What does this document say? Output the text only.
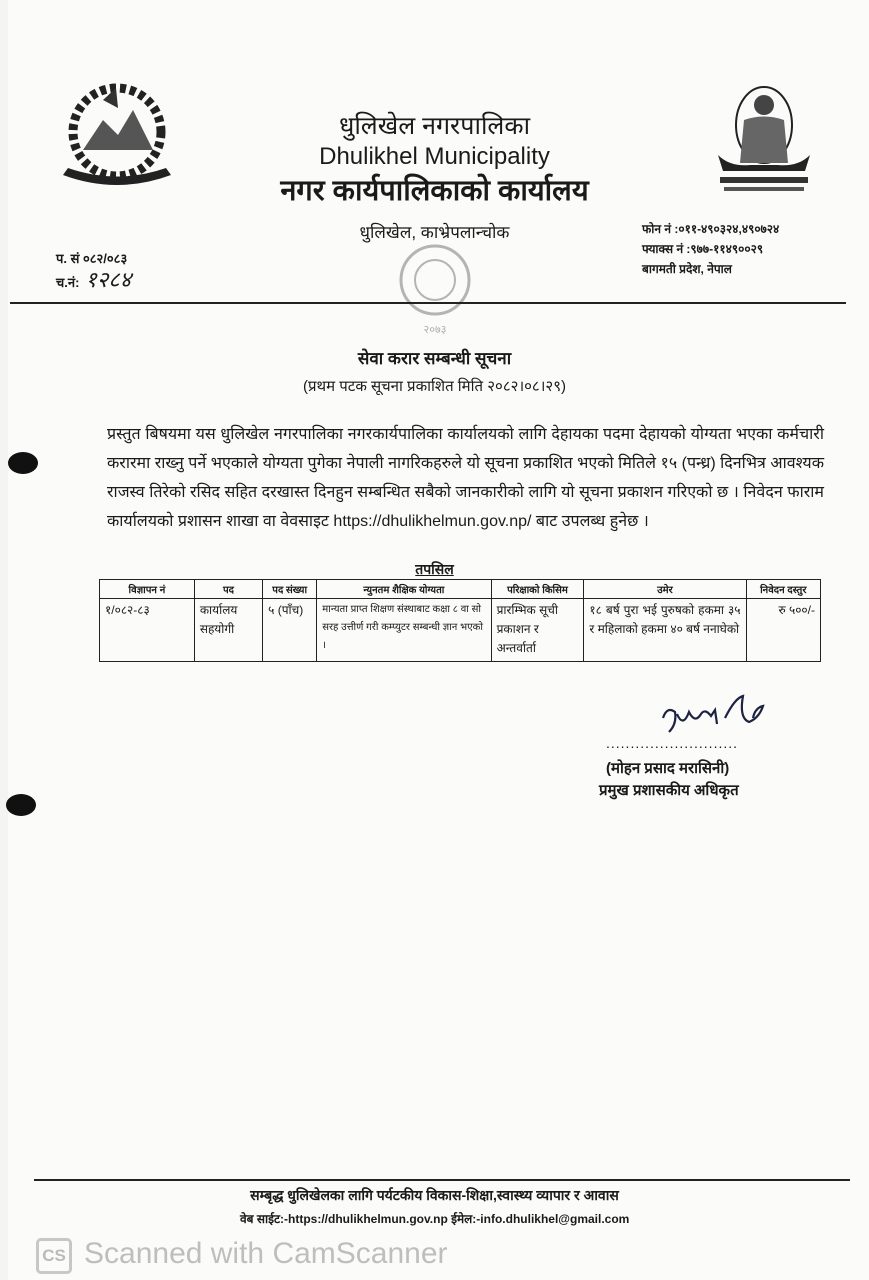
धुलिखेल नगरपालिका
Dhulikhel Municipality
नगर कार्यपालिकाको कार्यालय
धुलिखेल, काभ्रेपलान्चोक	फोन नं :०११-४९०३२४,४९०७२४
फ्याक्स नं :९७७-११४९००२९
बागमती प्रदेश, नेपाल
प. सं ०८२/०८३
च.नं: १२८४
२०७३
सेवा करार सम्बन्धी सूचना
(प्रथम पटक सूचना प्रकाशित मिति २०८२।०८।२९)
प्रस्तुत बिषयमा यस धुलिखेल नगरपालिका नगरकार्यपालिका कार्यालयको लागि देहायका पदमा देहायको योग्यता भएका कर्मचारी करारमा राख्नु पर्ने भएकाले योग्यता पुगेका नेपाली नागरिकहरुले यो सूचना प्रकाशित भएको मितिले १५ (पन्ध्र) दिनभित्र आवश्यक राजस्व तिरेको रसिद सहित दरखास्त दिनहुन सम्बन्धित सबैको जानकारीको लागि यो सूचना प्रकाशन गरिएको छ । निवेदन फाराम कार्यालयको प्रशासन शाखा वा वेवसाइट https://dhulikhelmun.gov.np/ बाट उपलब्ध हुनेछ ।
तपसिल
विज्ञापन नं	पद	पद संख्या	न्युनतम शैक्षिक योग्यता	परिक्षाको किसिम	उमेर	निवेदन दस्तुर
१/०८२-८३	कार्यालय सहयोगी	५ (पाँच)	मान्यता प्राप्त शिक्षण संस्थाबाट कक्षा ८ वा सो सरह उत्तीर्ण गरी कम्प्युटर सम्बन्धी ज्ञान भएको ।	प्रारम्भिक सूची प्रकाशन र अन्तर्वार्ता	१८ बर्ष पुरा भई पुरुषको हकमा ३५ र महिलाको हकमा ४० बर्ष ननाघेको	रु ५००/-
...........................
(मोहन प्रसाद मरासिनी)
प्रमुख प्रशासकीय अधिकृत
सम्बृद्ध धुलिखेलका लागि पर्यटकीय विकास-शिक्षा,स्वास्थ्य व्यापार र आवास
वेब साईट:-https://dhulikhelmun.gov.np ईमेल:-info.dhulikhel@gmail.com
CS Scanned with CamScanner
